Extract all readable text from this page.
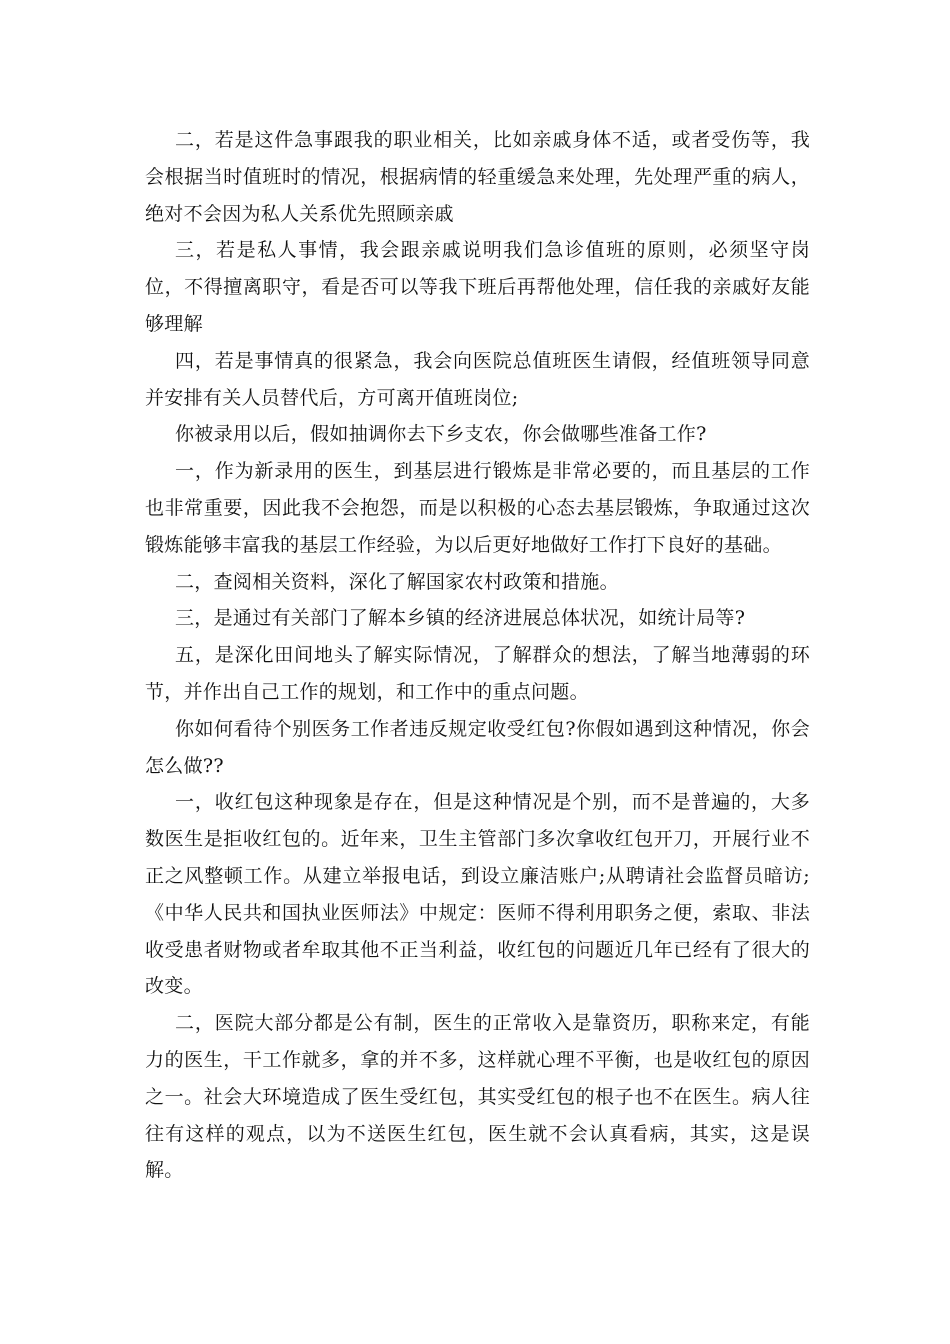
二，若是这件急事跟我的职业相关，比如亲戚身体不适，或者受伤等，我会根据当时值班时的情况，根据病情的轻重缓急来处理，先处理严重的病人，绝对不会因为私人关系优先照顾亲戚

三，若是私人事情，我会跟亲戚说明我们急诊值班的原则，必须坚守岗位，不得擅离职守，看是否可以等我下班后再帮他处理，信任我的亲戚好友能够理解

四，若是事情真的很紧急，我会向医院总值班医生请假，经值班领导同意并安排有关人员替代后，方可离开值班岗位;

你被录用以后，假如抽调你去下乡支农，你会做哪些准备工作?

一，作为新录用的医生，到基层进行锻炼是非常必要的，而且基层的工作也非常重要，因此我不会抱怨，而是以积极的心态去基层锻炼，争取通过这次锻炼能够丰富我的基层工作经验，为以后更好地做好工作打下良好的基础。

二，查阅相关资料，深化了解国家农村政策和措施。

三，是通过有关部门了解本乡镇的经济进展总体状况，如统计局等?

五，是深化田间地头了解实际情况，了解群众的想法，了解当地薄弱的环节，并作出自己工作的规划，和工作中的重点问题。

你如何看待个别医务工作者违反规定收受红包?你假如遇到这种情况，你会怎么做??

一，收红包这种现象是存在，但是这种情况是个别，而不是普遍的，大多数医生是拒收红包的。近年来，卫生主管部门多次拿收红包开刀，开展行业不正之风整顿工作。从建立举报电话，到设立廉洁账户;从聘请社会监督员暗访;《中华人民共和国执业医师法》中规定：医师不得利用职务之便，索取、非法收受患者财物或者牟取其他不正当利益，收红包的问题近几年已经有了很大的改变。

二，医院大部分都是公有制，医生的正常收入是靠资历，职称来定，有能力的医生，干工作就多，拿的并不多，这样就心理不平衡，也是收红包的原因之一。社会大环境造成了医生受红包，其实受红包的根子也不在医生。病人往往有这样的观点，以为不送医生红包，医生就不会认真看病，其实，这是误解。
